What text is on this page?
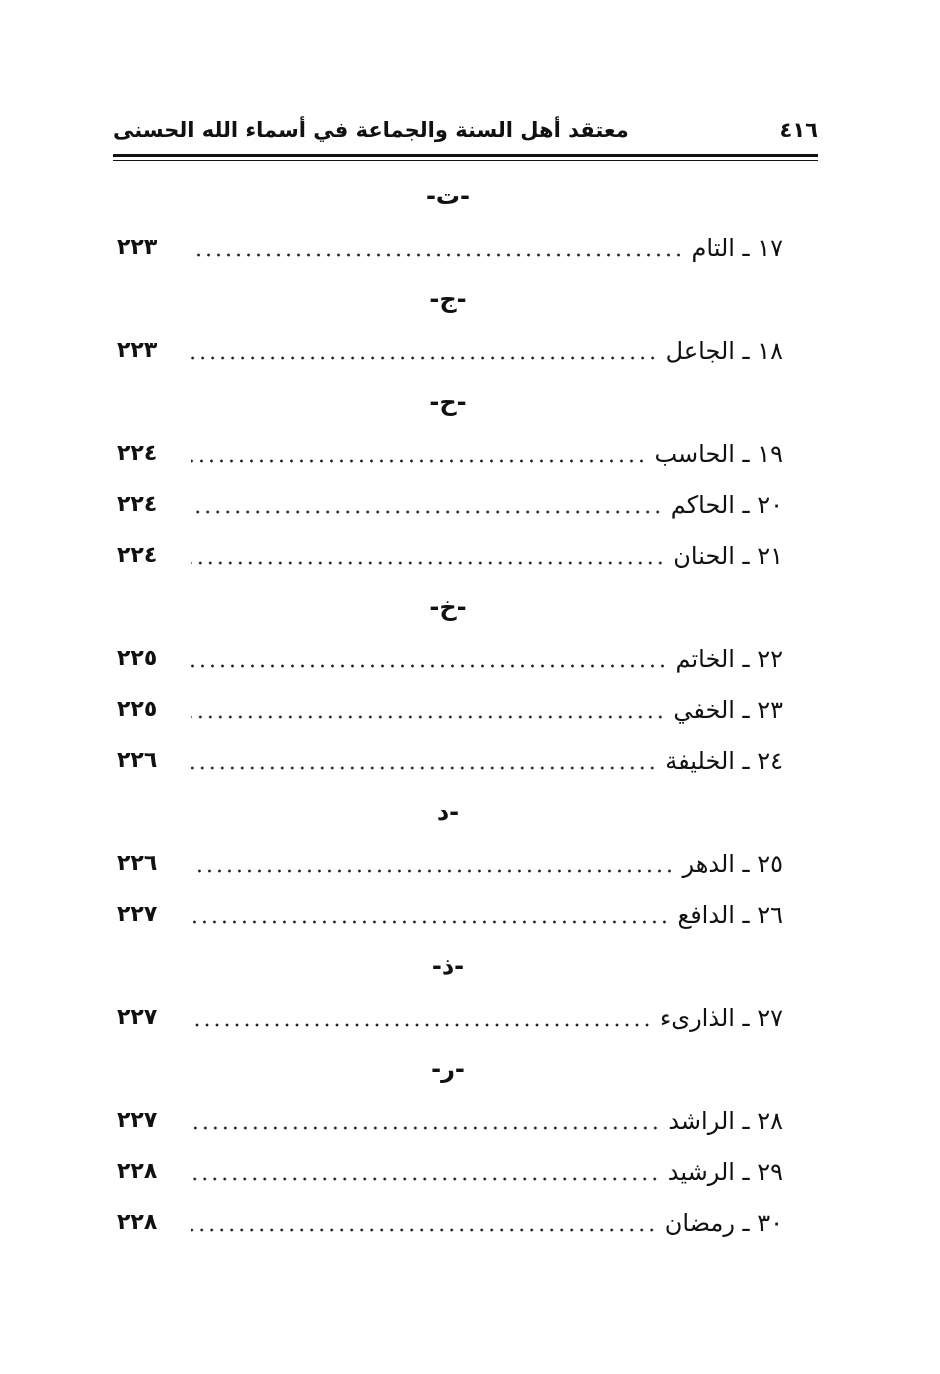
معتقد أهل السنة والجماعة في أسماء الله الحسنى	٤١٦
-ت-
٢٢٣	١٧ ـ التام
-ج-
٢٢٣	١٨ ـ الجاعل
-ح-
٢٢٤	١٩ ـ الحاسب
٢٢٤	٢٠ ـ الحاكم
٢٢٤	٢١ ـ الحنان
-خ-
٢٢٥	٢٢ ـ الخاتم
٢٢٥	٢٣ ـ الخفي
٢٢٦	٢٤ ـ الخليفة
-د
٢٢٦	٢٥ ـ الدهر
٢٢٧	٢٦ ـ الدافع
-ذ-
٢٢٧	٢٧ ـ الذارىء
-ر-
٢٢٧	٢٨ ـ الراشد
٢٢٨	٢٩ ـ الرشيد
٢٢٨	٣٠ ـ رمضان
